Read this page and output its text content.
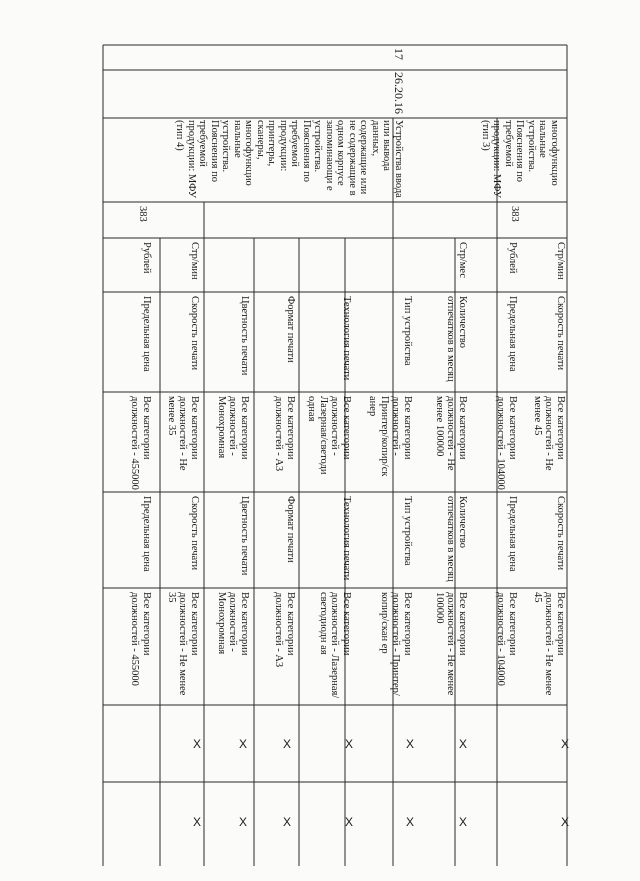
многофункцио нальные устройства. Пояснения по требуемой продукции: МФУ (тип 3)
Стр/мин
Скорость печати
Все категории должностей - Не менее 45
Скорость печати
Все категории должностей - Не менее 45
X
X
383
Рублей
Предельная цена
Все категории должностей - 104000
Предельная цена
Все категории должностей - 104000
Стр/мес
Количество отпечатков в месяц
Все категории должностей - Не менее 100000
Количество отпечатков в месяц
Все категории должностей - Не менее 100000
X
X
17
26.20.16
Устройства ввода или вывода данных, содержащие или не содержащие в одном корпусе запоминающи е устройства. Пояснения по требуемой продукции: принтеры, сканеры, многофункцио нальные устройства. Пояснения по требуемой продукции: МФУ (тип 4)
383
Тип устройства
Все категории должностей - Принтер/копир/ск анер
Тип устройства
Все категории должностей - Принтер/копир/скан ер
X
X
Технология печати
Все категории должностей - Лазерная/светоди одная
Технология печати
Все категории должностей - Лазерная/светодиодн ая
X
X
Формат печати
Все категории должностей - А3
Формат печати
Все категории должностей - А3
X
X
Цветность печати
Все категории должностей - Монохромная
Цветность печати
Все категории должностей - Монохромная
X
X
Стр/мин
Скорость печати
Все категории должностей - Не менее 35
Скорость печати
Все категории должностей - Не менее 35
X
X
Рублей
Предельная цена
Все категории должностей - 455000
Предельная цена
Все категории должностей - 455000
